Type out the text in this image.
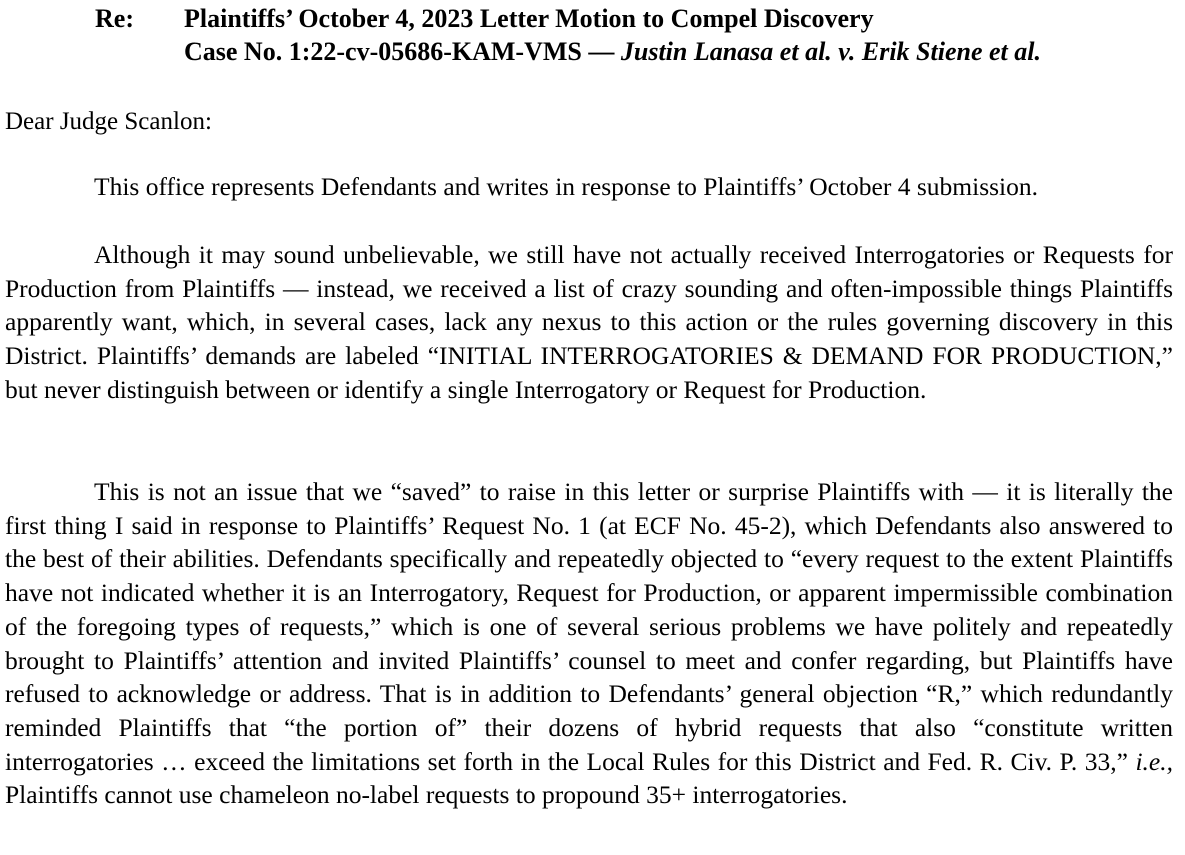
Re: Plaintiffs’ October 4, 2023 Letter Motion to Compel Discovery
Case No. 1:22-cv-05686-KAM-VMS — Justin Lanasa et al. v. Erik Stiene et al.
Dear Judge Scanlon:

This office represents Defendants and writes in response to Plaintiffs’ October 4 submission.

Although it may sound unbelievable, we still have not actually received Interrogatories or Requests for Production from Plaintiffs — instead, we received a list of crazy sounding and often-impossible things Plaintiffs apparently want, which, in several cases, lack any nexus to this action or the rules governing discovery in this District. Plaintiffs’ demands are labeled “INITIAL INTERROGATORIES & DEMAND FOR PRODUCTION,” but never distinguish between or identify a single Interrogatory or Request for Production.

This is not an issue that we “saved” to raise in this letter or surprise Plaintiffs with — it is literally the first thing I said in response to Plaintiffs’ Request No. 1 (at ECF No. 45-2), which Defendants also answered to the best of their abilities. Defendants specifically and repeatedly objected to “every request to the extent Plaintiffs have not indicated whether it is an Interrogatory, Request for Production, or apparent impermissible combination of the foregoing types of requests,” which is one of several serious problems we have politely and repeatedly brought to Plaintiffs’ attention and invited Plaintiffs’ counsel to meet and confer regarding, but Plaintiffs have refused to acknowledge or address. That is in addition to Defendants’ general objection “R,” which redundantly reminded Plaintiffs that “the portion of” their dozens of hybrid requests that also “constitute written interrogatories … exceed the limitations set forth in the Local Rules for this District and Fed. R. Civ. P. 33,” i.e., Plaintiffs cannot use chameleon no-label requests to propound 35+ interrogatories.
